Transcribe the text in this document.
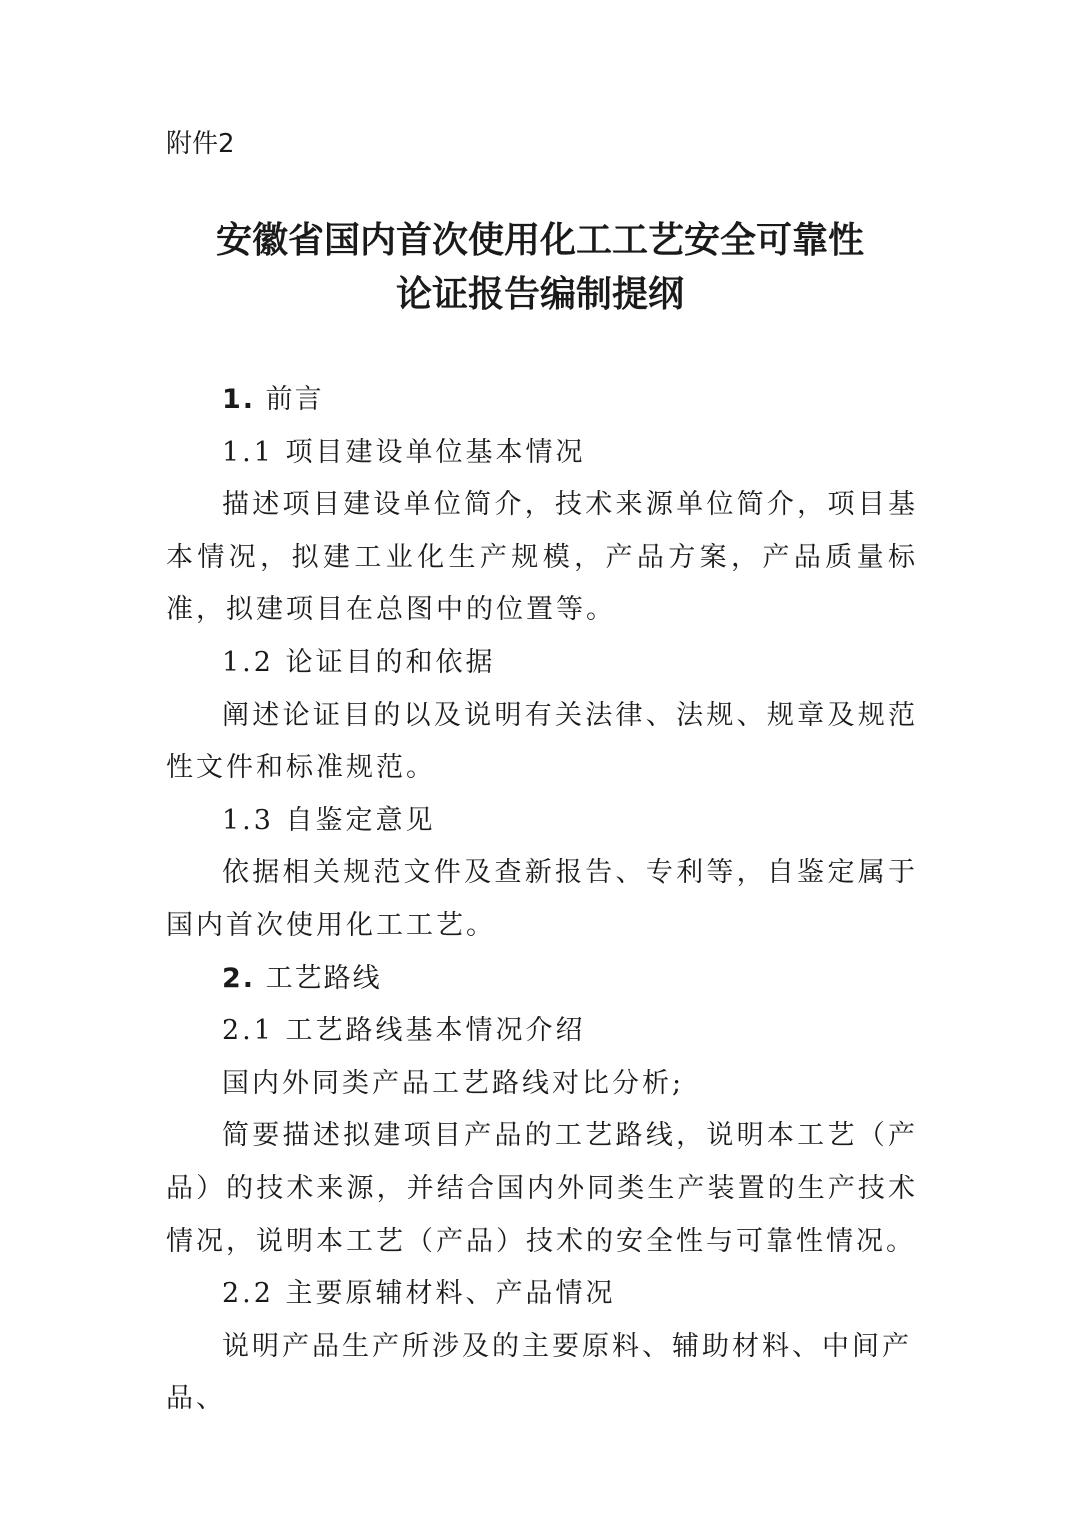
附件2
安徽省国内首次使用化工工艺安全可靠性
论证报告编制提纲

1. 前言

1.1 项目建设单位基本情况

描述项目建设单位简介，技术来源单位简介，项目基本情况，拟建工业化生产规模，产品方案，产品质量标准，拟建项目在总图中的位置等。

1.2 论证目的和依据

阐述论证目的以及说明有关法律、法规、规章及规范性文件和标准规范。

1.3 自鉴定意见

依据相关规范文件及查新报告、专利等，自鉴定属于国内首次使用化工工艺。

2. 工艺路线

2.1 工艺路线基本情况介绍

国内外同类产品工艺路线对比分析;

简要描述拟建项目产品的工艺路线，说明本工艺（产品）的技术来源，并结合国内外同类生产装置的生产技术情况，说明本工艺（产品）技术的安全性与可靠性情况。

2.2 主要原辅材料、产品情况

说明产品生产所涉及的主要原料、辅助材料、中间产品、
